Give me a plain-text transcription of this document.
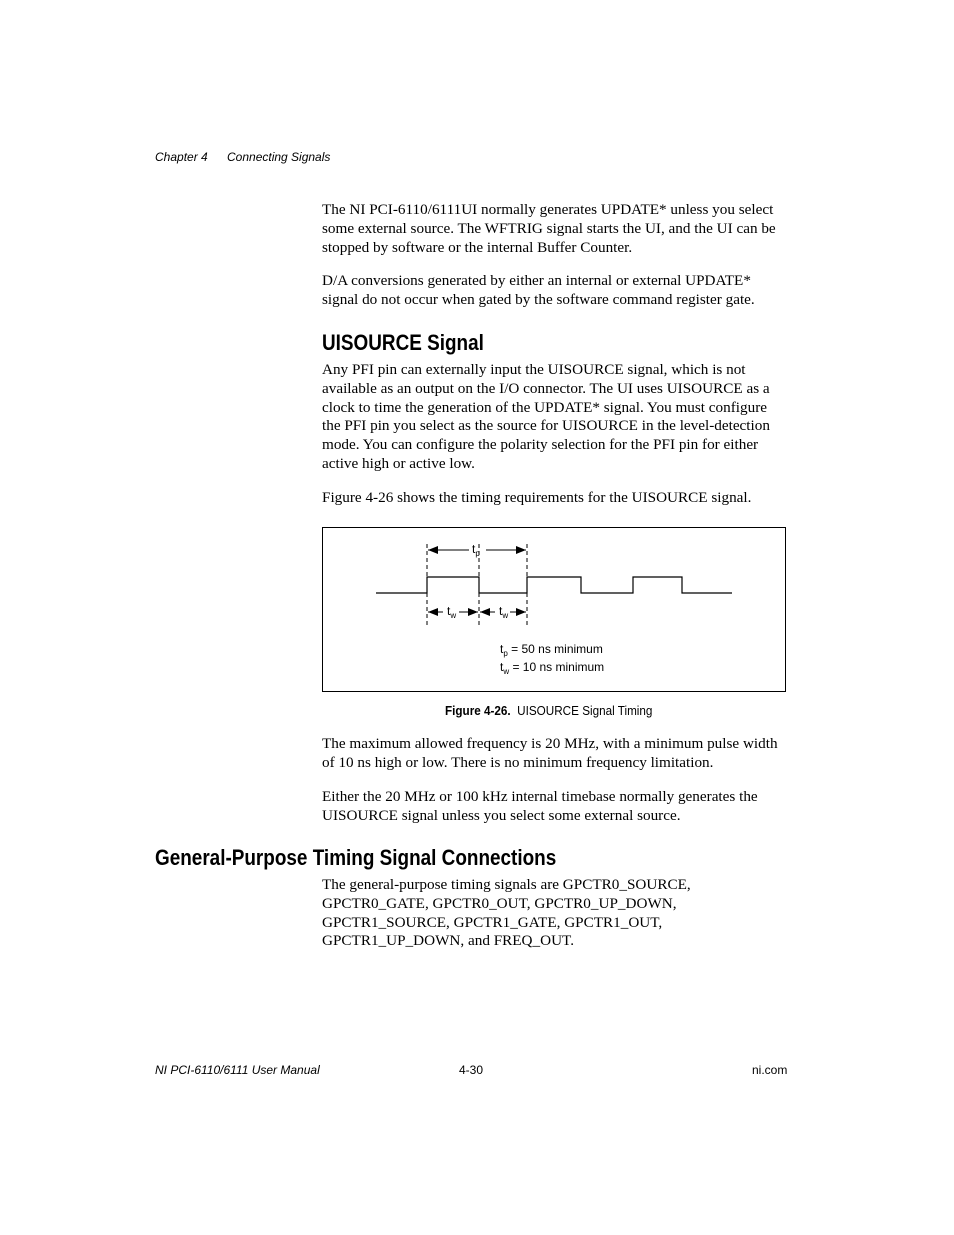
Chapter 4 Connecting Signals

The NI PCI-6110/6111UI normally generates UPDATE* unless you select some external source. The WFTRIG signal starts the UI, and the UI can be stopped by software or the internal Buffer Counter.

D/A conversions generated by either an internal or external UPDATE* signal do not occur when gated by the software command register gate.

UISOURCE Signal

Any PFI pin can externally input the UISOURCE signal, which is not available as an output on the I/O connector. The UI uses UISOURCE as a clock to time the generation of the UPDATE* signal. You must configure the PFI pin you select as the source for UISOURCE in the level-detection mode. You can configure the polarity selection for the PFI pin for either active high or active low.

Figure 4-26 shows the timing requirements for the UISOURCE signal.

$t_p$
$t_w$	$t_w$
$t_p = 50$ ns minimum
$t_w = 10$ ns minimum
Figure 4-26. UISOURCE Signal Timing

The maximum allowed frequency is 20 MHz, with a minimum pulse width of 10 ns high or low. There is no minimum frequency limitation.

Either the 20 MHz or 100 kHz internal timebase normally generates the UISOURCE signal unless you select some external source.

General-Purpose Timing Signal Connections

The general-purpose timing signals are GPCTR0_SOURCE, GPCTR0_GATE, GPCTR0_OUT, GPCTR0_UP_DOWN, GPCTR1_SOURCE, GPCTR1_GATE, GPCTR1_OUT, GPCTR1_UP_DOWN, and FREQ_OUT.

NI PCI-6110/6111 User Manual	4-30	ni.com
